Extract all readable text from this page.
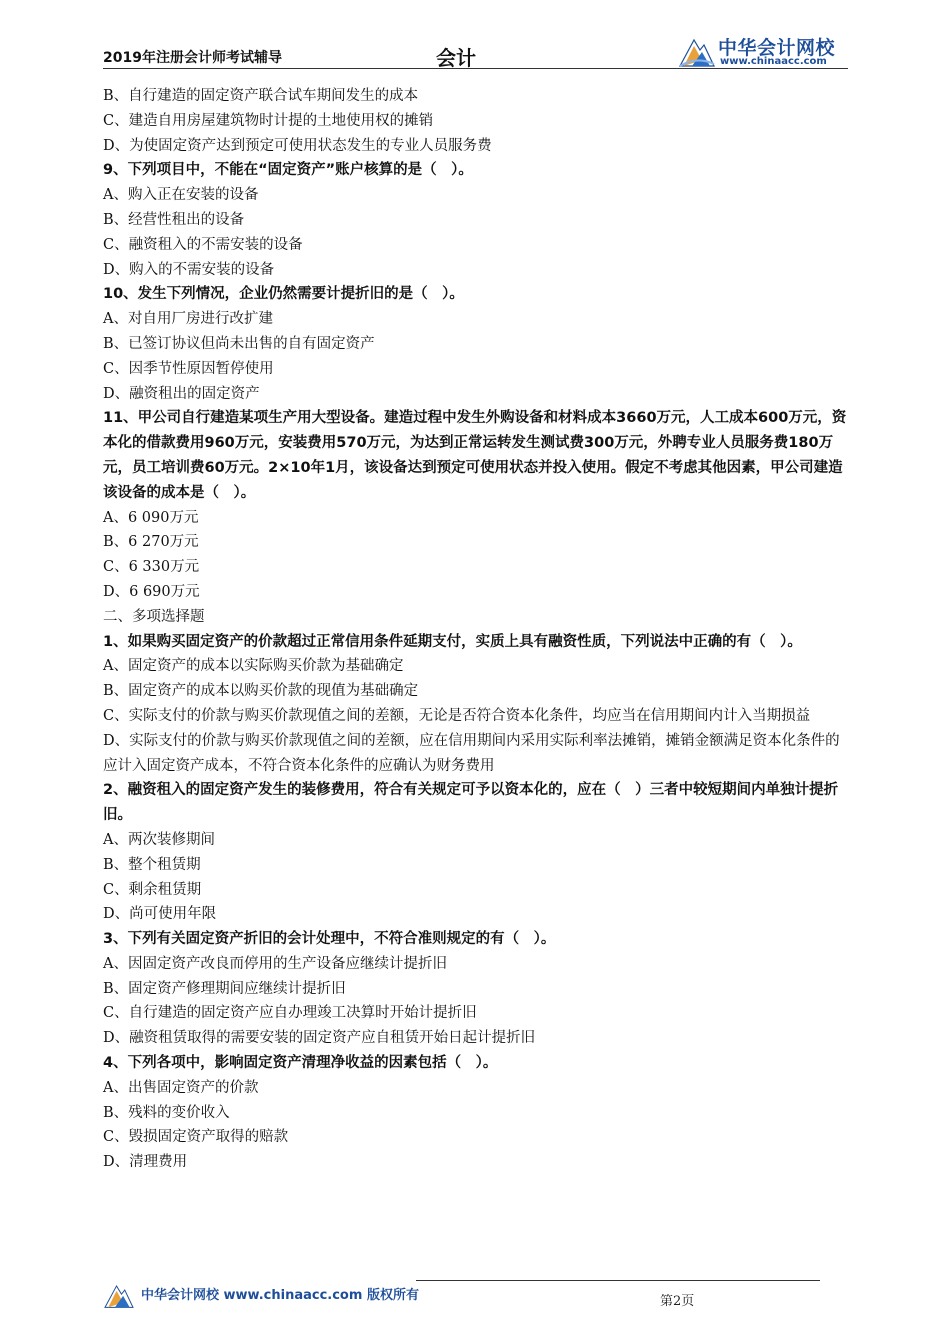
2019年注册会计师考试辅导	会计	中华会计网校
www.chinaacc.com
B、自行建造的固定资产联合试车期间发生的成本
C、建造自用房屋建筑物时计提的土地使用权的摊销
D、为使固定资产达到预定可使用状态发生的专业人员服务费
9、下列项目中，不能在“固定资产”账户核算的是（　）。
A、购入正在安装的设备
B、经营性租出的设备
C、融资租入的不需安装的设备
D、购入的不需安装的设备
10、发生下列情况，企业仍然需要计提折旧的是（　）。
A、对自用厂房进行改扩建
B、已签订协议但尚未出售的自有固定资产
C、因季节性原因暂停使用
D、融资租出的固定资产
11、甲公司自行建造某项生产用大型设备。建造过程中发生外购设备和材料成本3660万元，人工成本600万元，资本化的借款费用960万元，安装费用570万元，为达到正常运转发生测试费300万元，外聘专业人员服务费180万元，员工培训费60万元。2×10年1月，该设备达到预定可使用状态并投入使用。假定不考虑其他因素，甲公司建造该设备的成本是（　）。
A、6 090万元
B、6 270万元
C、6 330万元
D、6 690万元
二、多项选择题
1、如果购买固定资产的价款超过正常信用条件延期支付，实质上具有融资性质，下列说法中正确的有（　）。
A、固定资产的成本以实际购买价款为基础确定
B、固定资产的成本以购买价款的现值为基础确定
C、实际支付的价款与购买价款现值之间的差额，无论是否符合资本化条件，均应当在信用期间内计入当期损益
D、实际支付的价款与购买价款现值之间的差额，应在信用期间内采用实际利率法摊销，摊销金额满足资本化条件的应计入固定资产成本，不符合资本化条件的应确认为财务费用
2、融资租入的固定资产发生的装修费用，符合有关规定可予以资本化的，应在（　）三者中较短期间内单独计提折旧。
A、两次装修期间
B、整个租赁期
C、剩余租赁期
D、尚可使用年限
3、下列有关固定资产折旧的会计处理中，不符合准则规定的有（　）。
A、因固定资产改良而停用的生产设备应继续计提折旧
B、固定资产修理期间应继续计提折旧
C、自行建造的固定资产应自办理竣工决算时开始计提折旧
D、融资租赁取得的需要安装的固定资产应自租赁开始日起计提折旧
4、下列各项中，影响固定资产清理净收益的因素包括（　）。
A、出售固定资产的价款
B、残料的变价收入
C、毁损固定资产取得的赔款
D、清理费用
中华会计网校 www.chinaacc.com 版权所有	第2页
